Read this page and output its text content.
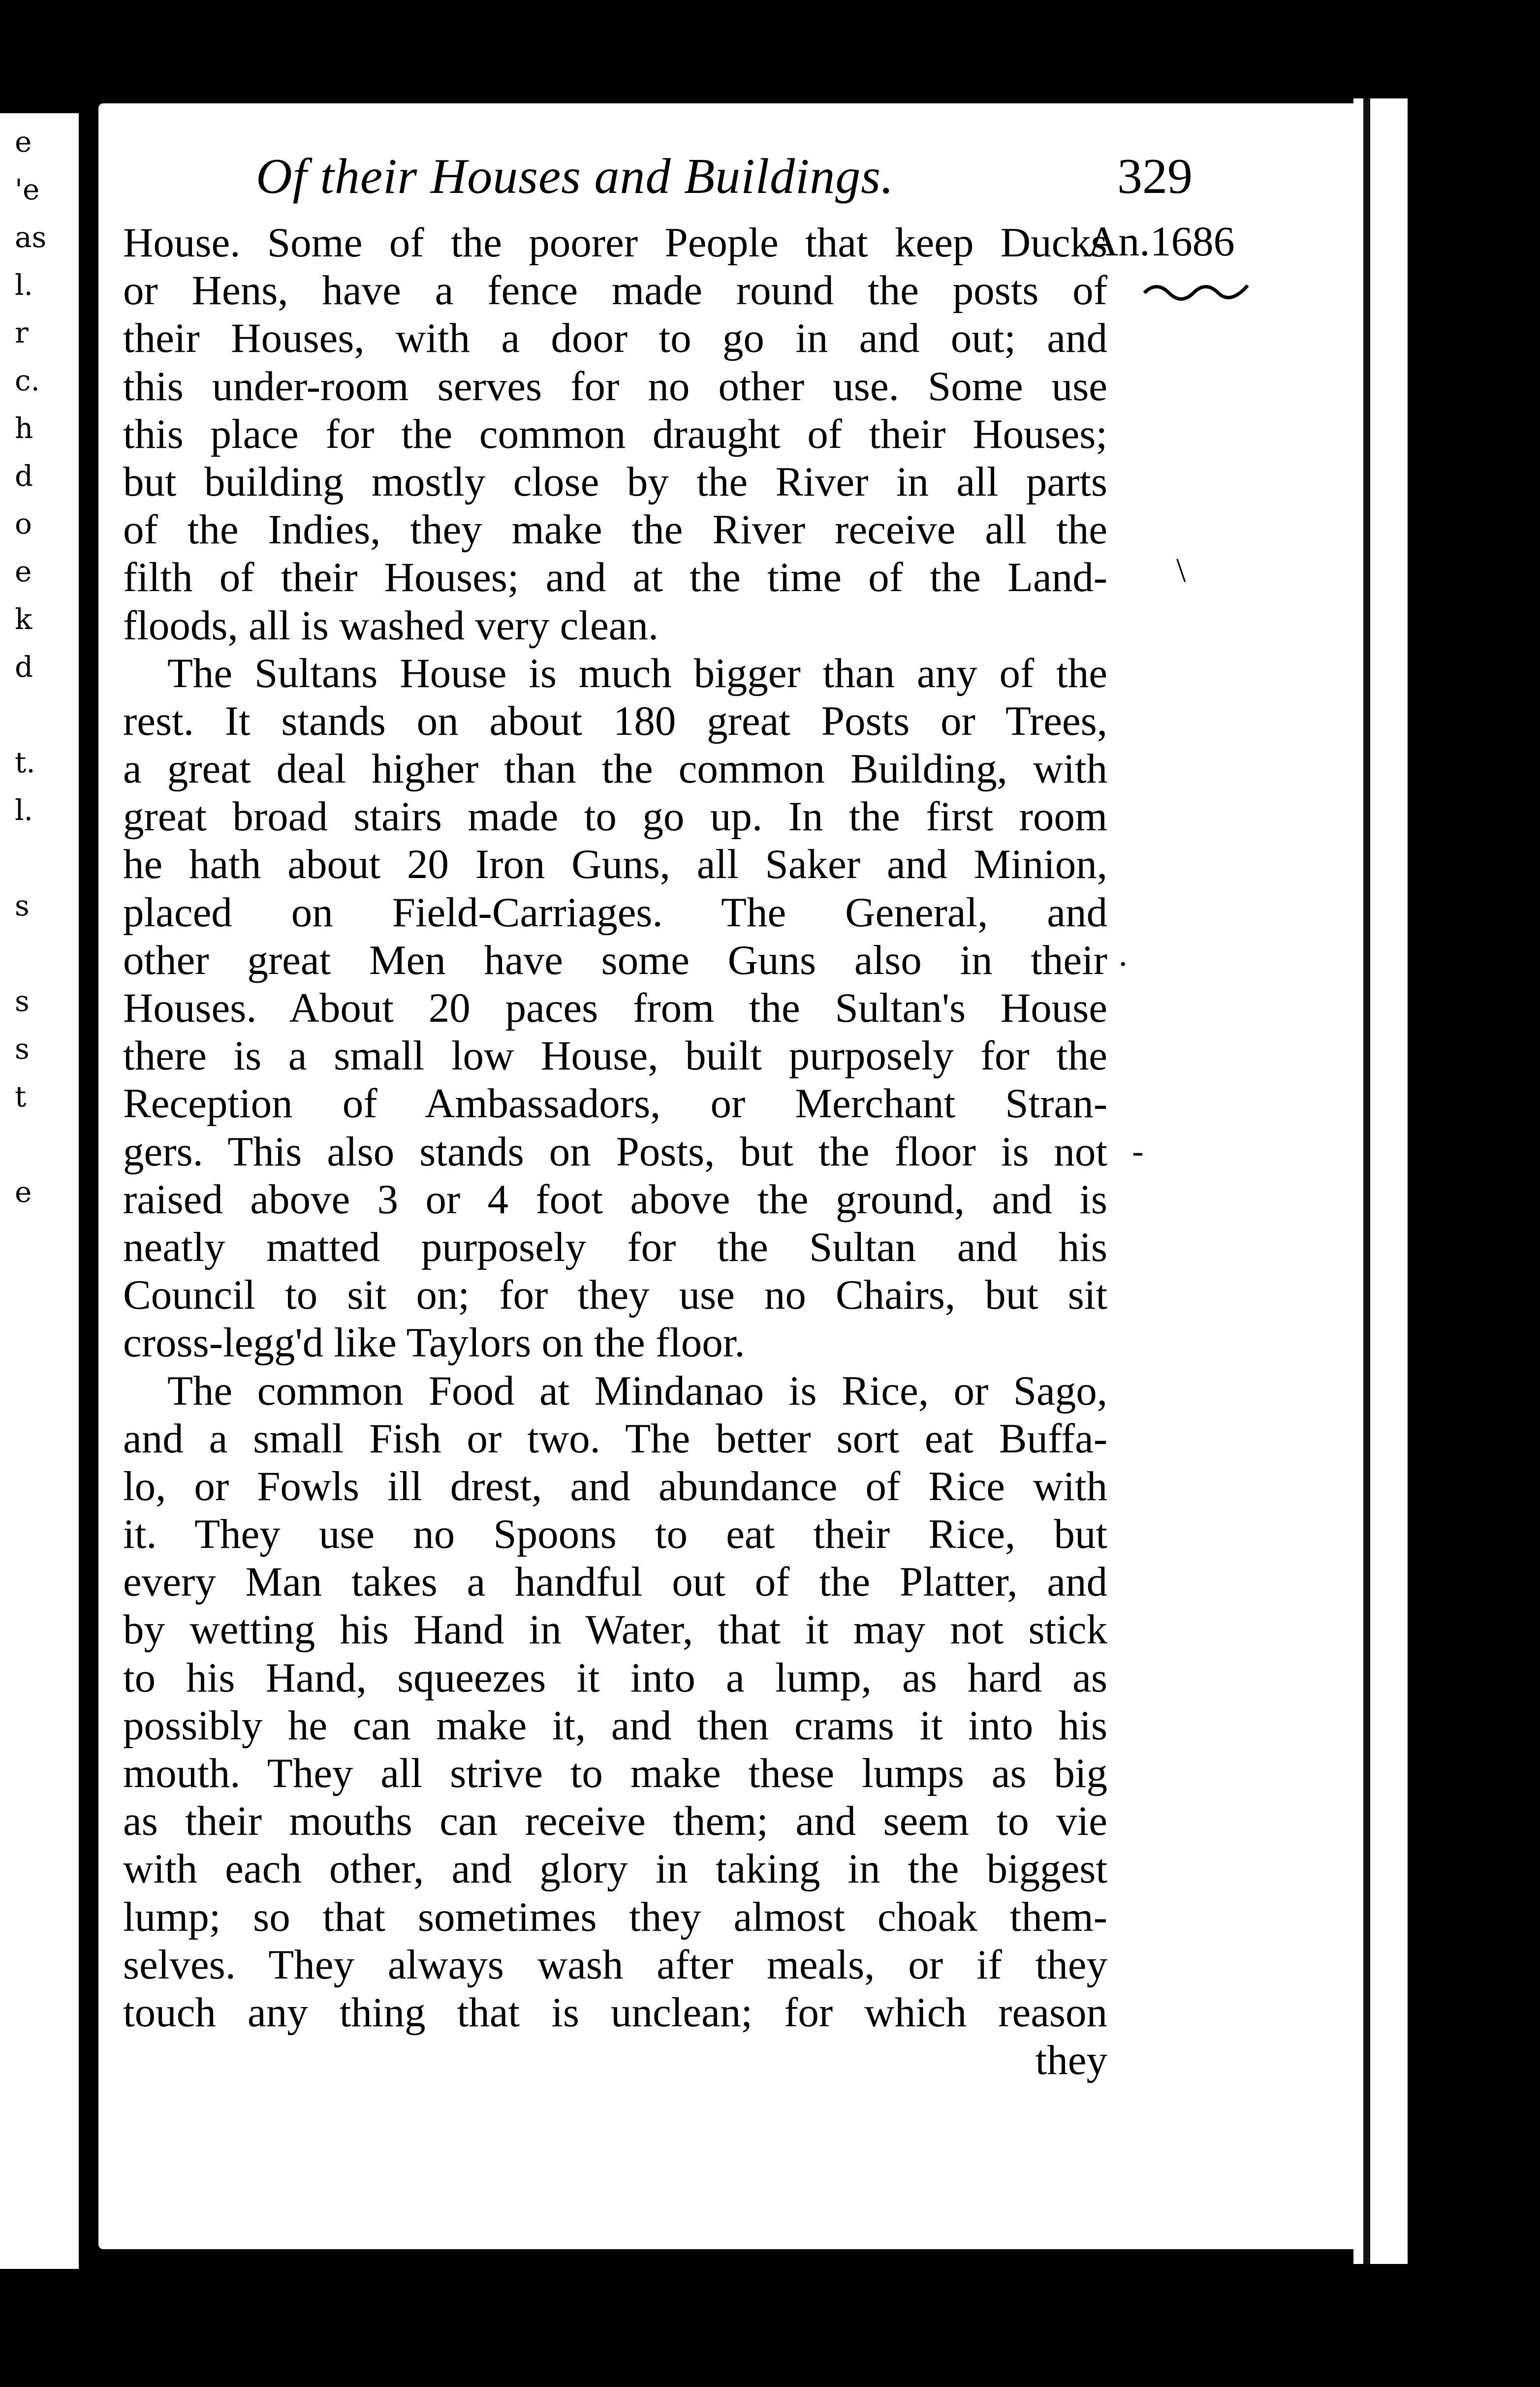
e
'e
as
l.
r
c.
h
d
o
e
k
d
t.
l.
s
s
s
t
e
Of their Houses and Buildings.	329
An.1686
House. Some of the poorer People that keep Ducks
or Hens, have a fence made round the posts of
their Houses, with a door to go in and out; and
this under-room serves for no other use. Some use
this place for the common draught of their Houses;
but building mostly close by the River in all parts
of the Indies, they make the River receive all the
filth of their Houses; and at the time of the Land-
floods, all is washed very clean.
The Sultans House is much bigger than any of the
rest. It stands on about 180 great Posts or Trees,
a great deal higher than the common Building, with
great broad stairs made to go up. In the first room
he hath about 20 Iron Guns, all Saker and Minion,
placed on Field-Carriages. The General, and
other great Men have some Guns also in their
Houses. About 20 paces from the Sultan's House
there is a small low House, built purposely for the
Reception of Ambassadors, or Merchant Stran-
gers. This also stands on Posts, but the floor is not
raised above 3 or 4 foot above the ground, and is
neatly matted purposely for the Sultan and his
Council to sit on; for they use no Chairs, but sit
cross-legg'd like Taylors on the floor.
The common Food at Mindanao is Rice, or Sago,
and a small Fish or two. The better sort eat Buffa-
lo, or Fowls ill drest, and abundance of Rice with
it. They use no Spoons to eat their Rice, but
every Man takes a handful out of the Platter, and
by wetting his Hand in Water, that it may not stick
to his Hand, squeezes it into a lump, as hard as
possibly he can make it, and then crams it into his
mouth. They all strive to make these lumps as big
as their mouths can receive them; and seem to vie
with each other, and glory in taking in the biggest
lump; so that sometimes they almost choak them-
selves. They always wash after meals, or if they
touch any thing that is unclean; for which reason
they
\
·
-
